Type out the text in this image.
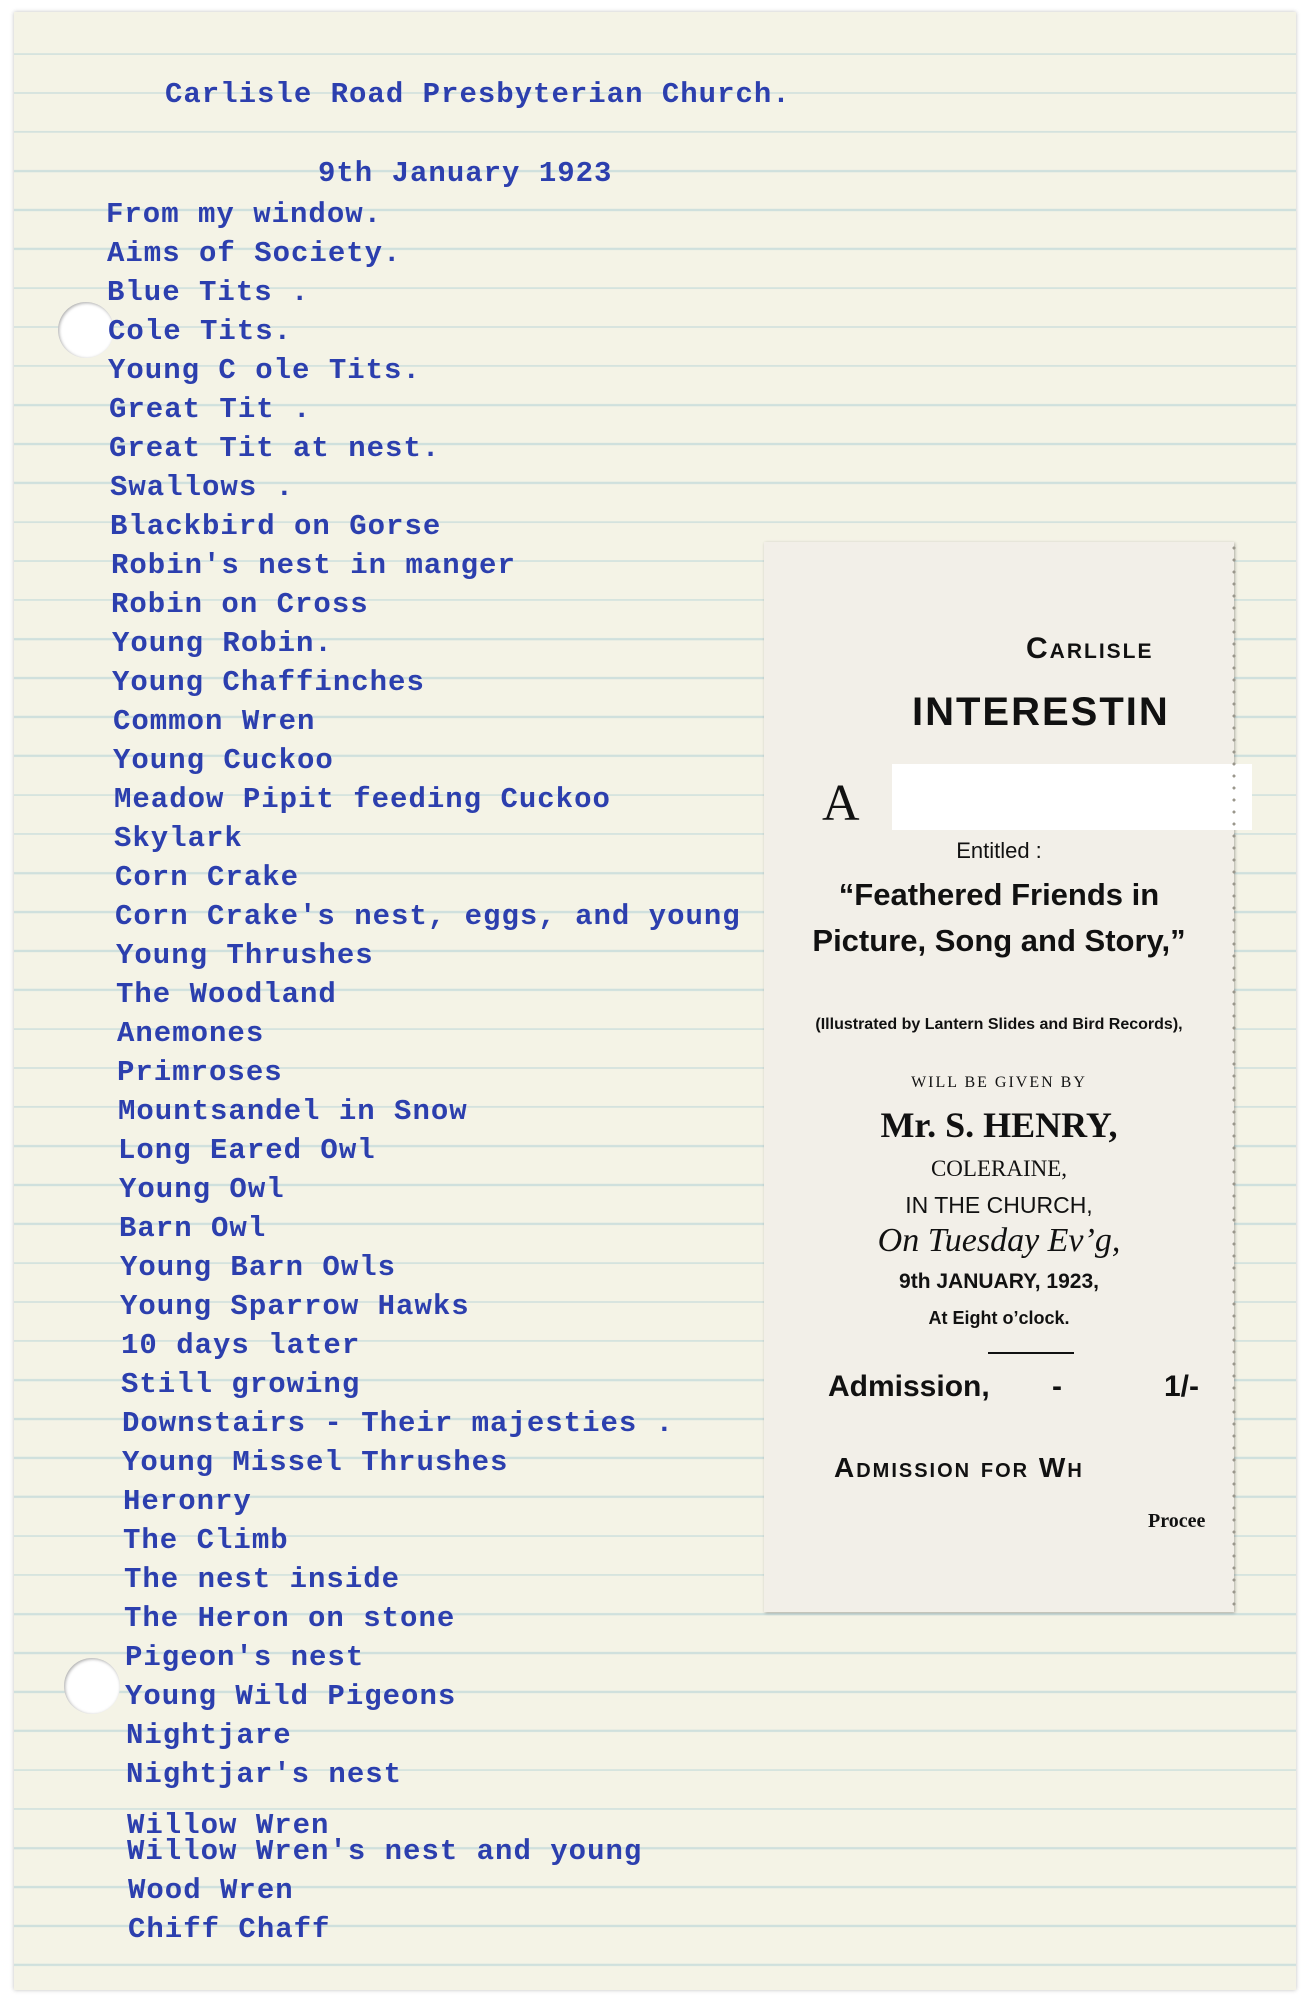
Carlisle Road Presbyterian Church.
9th January 1923
From my window.
Aims of Society.
Blue Tits .
Cole Tits.
Young C ole Tits.
Great Tit .
Great Tit at nest.
Swallows .
Blackbird on Gorse
Robin's nest in manger
Robin on Cross
Young Robin.
Young Chaffinches
Common Wren
Young Cuckoo
Meadow Pipit feeding Cuckoo
Skylark
Corn Crake
Corn Crake's nest, eggs, and young
Young Thrushes
The Woodland
Anemones
Primroses
Mountsandel in Snow
Long Eared Owl
Young Owl
Barn Owl
Young Barn Owls
Young Sparrow Hawks
10 days later
Still growing
Downstairs - Their majesties .
Young Missel Thrushes
Heronry
The Climb
The nest inside
The Heron on stone
Pigeon's nest
Young Wild Pigeons
Nightjare
Nightjar's nest
Willow Wren
Willow Wren's nest and young
Wood Wren
Chiff Chaff
Carlisle
INTERESTIN
A
Entitled :
“Feathered Friends in Picture, Song and Story,”
(Illustrated by Lantern Slides and Bird Records),
WILL BE GIVEN BY
Mr. S. HENRY,
COLERAINE,
IN THE CHURCH,
On Tuesday Ev’g,
9th JANUARY, 1923,
At Eight o’clock.
Admission, -	1/-
Admission for Wh
Procee
